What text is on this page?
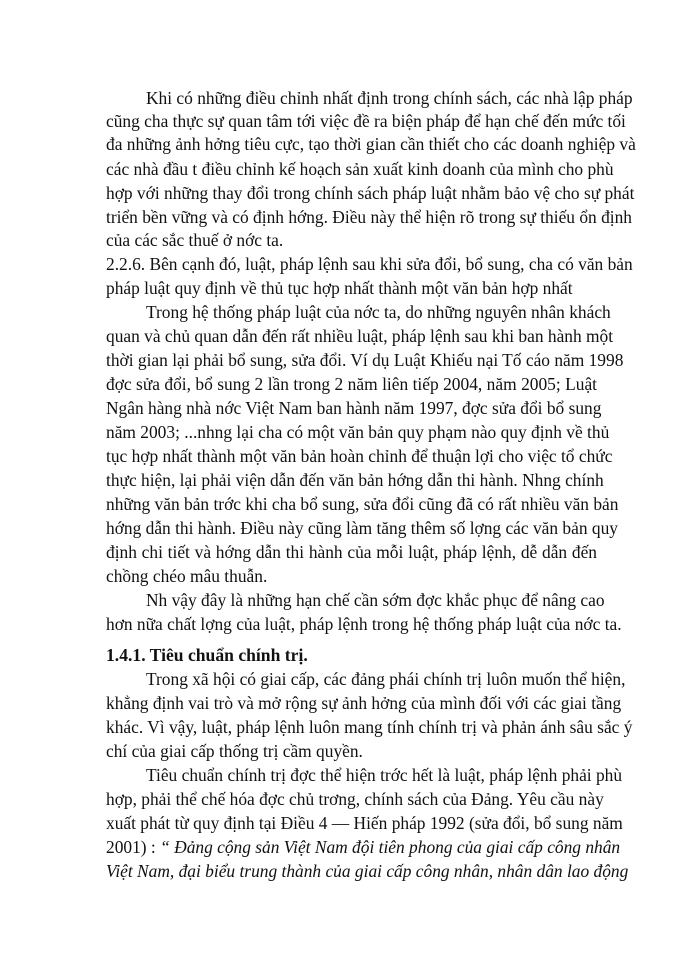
Khi có những điều chỉnh nhất định trong chính sách, các nhà lập pháp
cũng cha thực sự quan tâm tới việc đề ra biện pháp để hạn chế đến mức tối
đa những ảnh hởng tiêu cực, tạo thời gian cần thiết cho các doanh nghiệp và
các nhà đầu t điều chỉnh kế hoạch sản xuất kinh doanh của mình cho phù
hợp với những thay đổi trong chính sách pháp luật nhằm bảo vệ cho sự phát
triển bền vững và có định hớng. Điều này thể hiện rõ trong sự thiếu ổn định
của các sắc thuế ở nớc ta.
2.2.6. Bên cạnh đó, luật, pháp lệnh sau khi sửa đổi, bổ sung, cha có văn bản
pháp luật quy định về thủ tục hợp nhất thành một văn bản hợp nhất
Trong hệ thống pháp luật của nớc ta, do những nguyên nhân khách
quan và chủ quan dẫn đến rất nhiều luật, pháp lệnh sau khi ban hành một
thời gian lại phải bổ sung, sửa đổi. Ví dụ Luật Khiếu nại Tố cáo năm 1998
đợc sửa đổi, bổ sung 2 lần trong 2 năm liên tiếp 2004, năm 2005; Luật
Ngân hàng nhà nớc Việt Nam ban hành năm 1997, đợc sửa đổi bổ sung
năm 2003; ...nhng lại cha có một văn bản quy phạm nào quy định về thủ
tục hợp nhất thành một văn bản hoàn chỉnh để thuận lợi cho việc tổ chức
thực hiện, lại phải viện dẫn đến văn bản hớng dẫn thi hành. Nhng chính
những văn bản trớc khi cha bổ sung, sửa đổi cũng đã có rất nhiều văn bản
hớng dẫn thi hành. Điều này cũng làm tăng thêm số lợng các văn bản quy
định chi tiết và hớng dẫn thi hành của mỗi luật, pháp lệnh, dễ dẫn đến
chồng chéo mâu thuẫn.
Nh vậy đây là những hạn chế cần sớm đợc khắc phục để nâng cao
hơn nữa chất lợng của luật, pháp lệnh trong hệ thống pháp luật của nớc ta.
1.4.1. Tiêu chuẩn chính trị.
Trong xã hội có giai cấp, các đảng phái chính trị luôn muốn thể hiện,
khẳng định vai trò và mở rộng sự ảnh hởng của mình đối với các giai tầng
khác. Vì vậy, luật, pháp lệnh luôn mang tính chính trị và phản ánh sâu sắc ý
chí của giai cấp thống trị cầm quyền.
Tiêu chuẩn chính trị đợc thể hiện trớc hết là luật, pháp lệnh phải phù
hợp, phải thể chế hóa đợc chủ trơng, chính sách của Đảng. Yêu cầu này
xuất phát từ quy định tại Điều 4 — Hiến pháp 1992 (sửa đổi, bổ sung năm
2001) : “ Đảng cộng sản Việt Nam đội tiên phong của giai cấp công nhân
Việt Nam, đại biểu trung thành của giai cấp công nhân, nhân dân lao động
